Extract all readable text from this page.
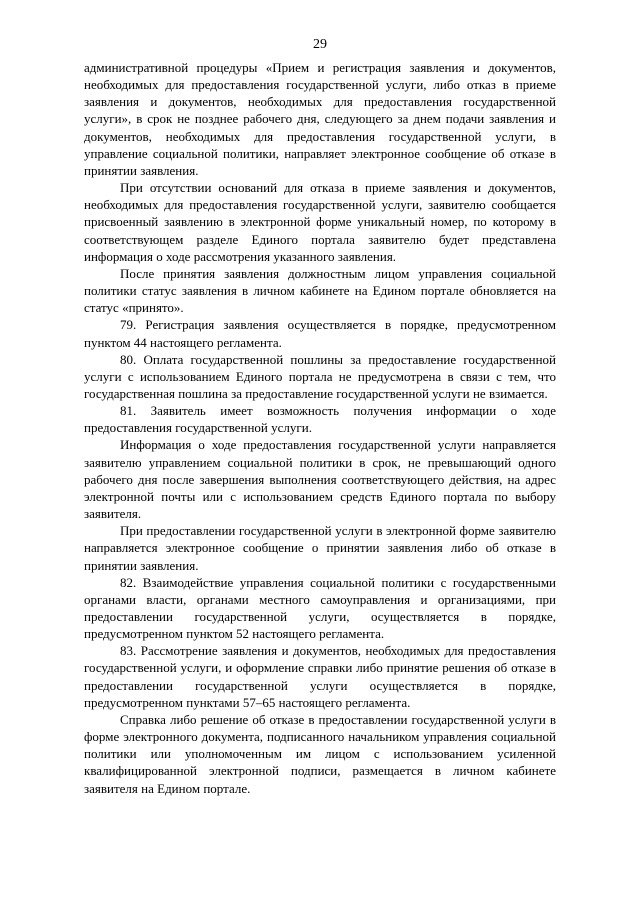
29

административной процедуры «Прием и регистрация заявления и документов, необходимых для предоставления государственной услуги, либо отказ в приеме заявления и документов, необходимых для предоставления государственной услуги», в срок не позднее рабочего дня, следующего за днем подачи заявления и документов, необходимых для предоставления государственной услуги, в управление социальной политики, направляет электронное сообщение об отказе в принятии заявления.

При отсутствии оснований для отказа в приеме заявления и документов, необходимых для предоставления государственной услуги, заявителю сообщается присвоенный заявлению в электронной форме уникальный номер, по которому в соответствующем разделе Единого портала заявителю будет представлена информация о ходе рассмотрения указанного заявления.

После принятия заявления должностным лицом управления социальной политики статус заявления в личном кабинете на Едином портале обновляется на статус «принято».

79. Регистрация заявления осуществляется в порядке, предусмотренном пунктом 44 настоящего регламента.

80. Оплата государственной пошлины за предоставление государственной услуги с использованием Единого портала не предусмотрена в связи с тем, что государственная пошлина за предоставление государственной услуги не взимается.

81. Заявитель имеет возможность получения информации о ходе предоставления государственной услуги.

Информация о ходе предоставления государственной услуги направляется заявителю управлением социальной политики в срок, не превышающий одного рабочего дня после завершения выполнения соответствующего действия, на адрес электронной почты или с использованием средств Единого портала по выбору заявителя.

При предоставлении государственной услуги в электронной форме заявителю направляется электронное сообщение о принятии заявления либо об отказе в принятии заявления.

82. Взаимодействие управления социальной политики с государственными органами власти, органами местного самоуправления и организациями, при предоставлении государственной услуги, осуществляется в порядке, предусмотренном пунктом 52 настоящего регламента.

83. Рассмотрение заявления и документов, необходимых для предоставления государственной услуги, и оформление справки либо принятие решения об отказе в предоставлении государственной услуги осуществляется в порядке, предусмотренном пунктами 57–65 настоящего регламента.

Справка либо решение об отказе в предоставлении государственной услуги в форме электронного документа, подписанного начальником управления социальной политики или уполномоченным им лицом с использованием усиленной квалифицированной электронной подписи, размещается в личном кабинете заявителя на Едином портале.
